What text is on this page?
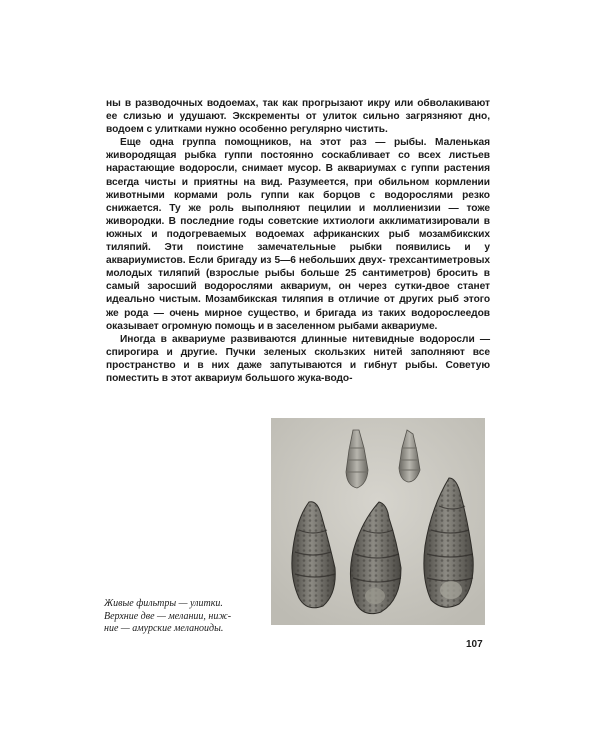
ны в разводочных водоемах, так как прогрызают икру или обволакивают ее слизью и удушают. Экскременты от улиток сильно загрязняют дно, водоем с улитками нужно особенно регулярно чистить.

Еще одна группа помощников, на этот раз — рыбы. Маленькая живородящая рыбка гуппи постоянно соскабливает со всех листьев нарастающие водоросли, снимает мусор. В аквариумах с гуппи растения всегда чисты и приятны на вид. Разумеется, при обильном кормлении животными кормами роль гуппи как борцов с водорослями резко снижается. Ту же роль выполняют пецилии и моллиенизии — тоже живородки. В последние годы советские ихтиологи акклиматизировали в южных и подогреваемых водоемах африканских рыб мозамбикских тиляпий. Эти поистине замечательные рыбки появились и у аквариумистов. Если бригаду из 5—6 небольших двух- трехсантиметровых молодых тиляпий (взрослые рыбы больше 25 сантиметров) бросить в самый заросший водорослями аквариум, он через сутки-двое станет идеально чистым. Мозамбикская тиляпия в отличие от других рыб этого же рода — очень мирное существо, и бригада из таких водорослеедов оказывает огромную помощь и в заселенном рыбами аквариуме.

Иногда в аквариуме развиваются длинные нитевидные водоросли — спирогира и другие. Пучки зеленых скользких нитей заполняют все пространство и в них даже запутываются и гибнут рыбы. Советую поместить в этот аквариум большого жука-водо-

Живые фильтры — улитки.
Верхние две — мелании, ниж-
ние — амурские меланоиды.
107
